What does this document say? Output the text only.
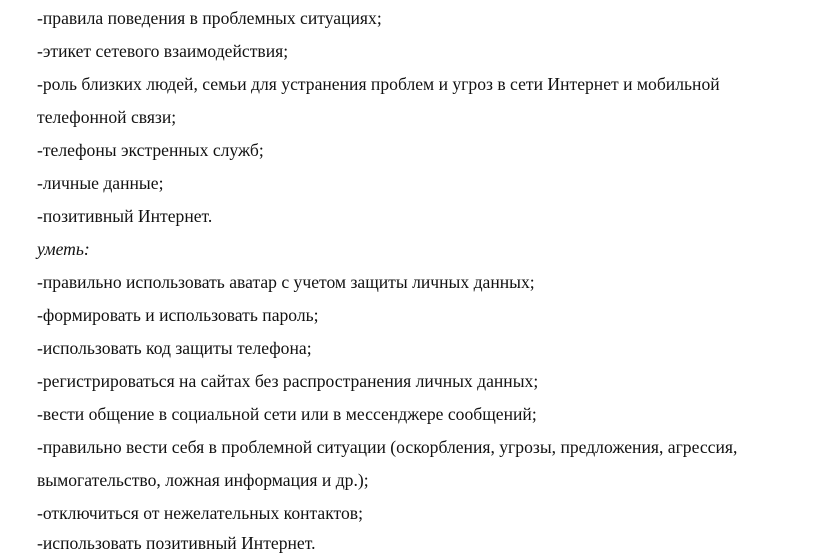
-правила поведения в проблемных ситуациях;
-этикет сетевого взаимодействия;
-роль близких людей, семьи для устранения проблем и угроз в сети Интернет и мобильной
телефонной связи;
-телефоны экстренных служб;
-личные данные;
-позитивный Интернет.
уметь:
-правильно использовать аватар с учетом защиты личных данных;
-формировать и использовать пароль;
-использовать код защиты телефона;
-регистрироваться на сайтах без распространения личных данных;
-вести общение в социальной сети или в мессенджере сообщений;
-правильно вести себя в проблемной ситуации (оскорбления, угрозы, предложения, агрессия,
вымогательство, ложная информация и др.);
-отключиться от нежелательных контактов;
-использовать позитивный Интернет.
